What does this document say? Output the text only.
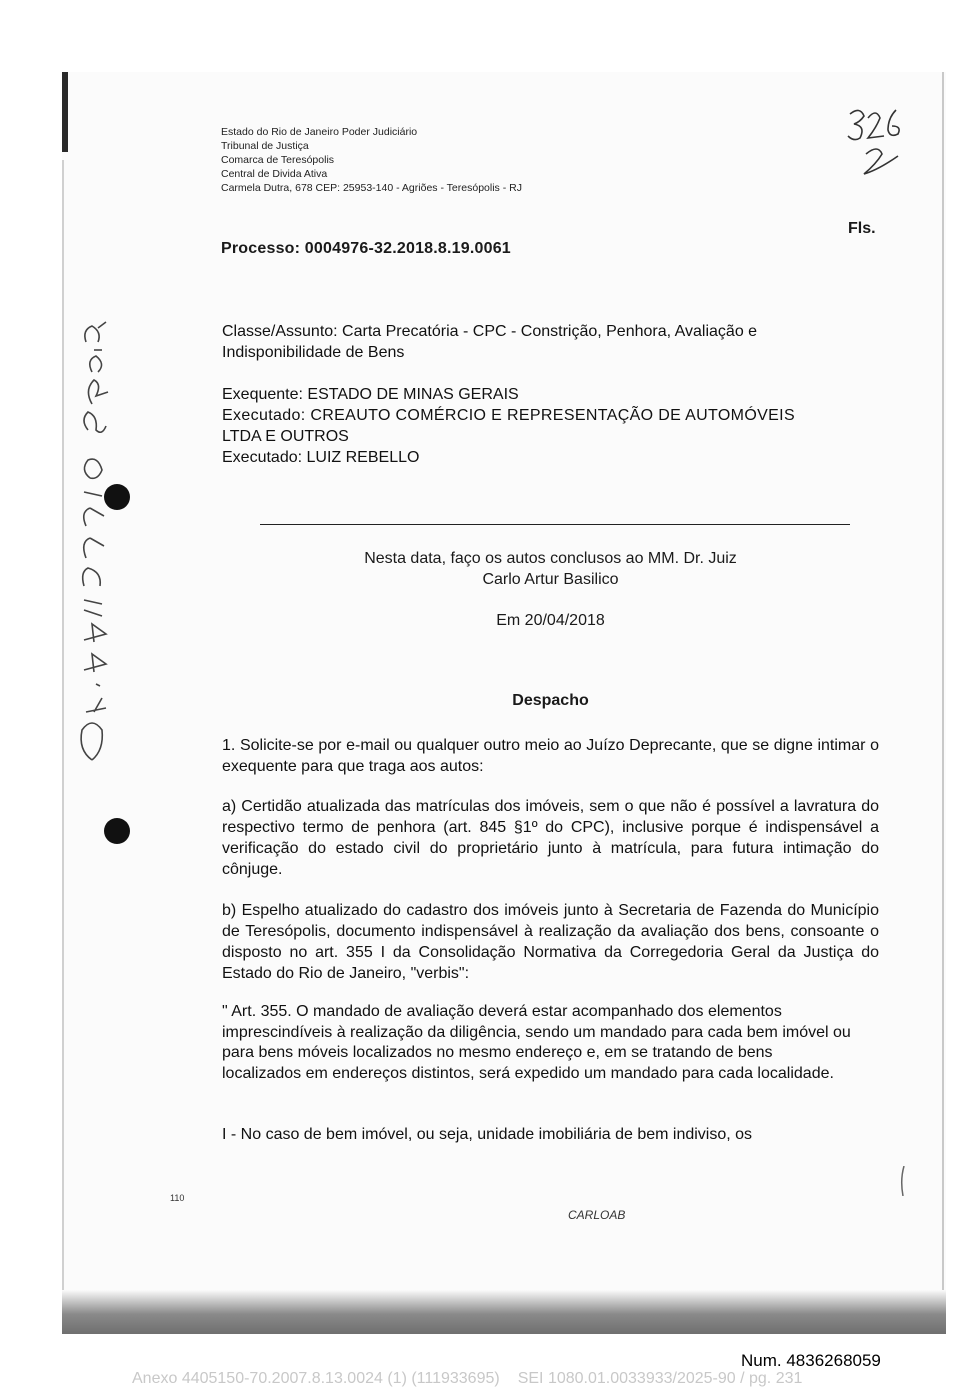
Estado do Rio de Janeiro Poder Judiciário
Tribunal de Justiça
Comarca de Teresópolis
Central de Divida Ativa
Carmela Dutra, 678 CEP: 25953-140 - Agriões - Teresópolis - RJ
Fls.
Processo: 0004976-32.2018.8.19.0061
Classe/Assunto: Carta Precatória - CPC - Constrição, Penhora, Avaliação e
Indisponibilidade de Bens
Exequente: ESTADO DE MINAS GERAIS
Executado: CREAUTO COMÉRCIO E REPRESENTAÇÃO DE AUTOMÓVEIS
LTDA E OUTROS
Executado: LUIZ REBELLO
Nesta data, faço os autos conclusos ao MM. Dr. Juiz
Carlo Artur Basilico
Em 20/04/2018
Despacho
1. Solicite-se por e-mail ou qualquer outro meio ao Juízo Deprecante, que se digne intimar o exequente para que traga aos autos:
a) Certidão atualizada das matrículas dos imóveis, sem o que não é possível a lavratura do respectivo termo de penhora (art. 845 §1º do CPC), inclusive porque é indispensável a verificação do estado civil do proprietário junto à matrícula, para futura intimação do cônjuge.
b) Espelho atualizado do cadastro dos imóveis junto à Secretaria de Fazenda do Município de Teresópolis, documento indispensável à realização da avaliação dos bens, consoante o disposto no art. 355 I da Consolidação Normativa da Corregedoria Geral da Justiça do Estado do Rio de Janeiro, "verbis":
" Art. 355. O mandado de avaliação deverá estar acompanhado dos elementos imprescindíveis à realização da diligência, sendo um mandado para cada bem imóvel ou para bens móveis localizados no mesmo endereço e, em se tratando de bens localizados em endereços distintos, será expedido um mandado para cada localidade.
I - No caso de bem imóvel, ou seja, unidade imobiliária de bem indiviso, os
110
CARLOAB
Num. 4836268059
Anexo 4405150-70.2007.8.13.0024 (1) (111933695) SEI 1080.01.0033933/2025-90 / pg. 231
